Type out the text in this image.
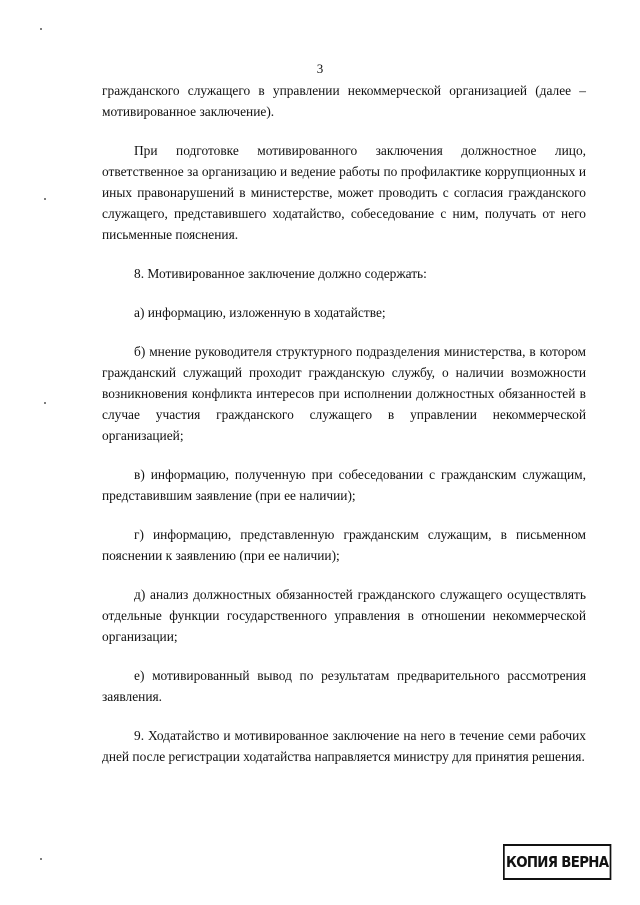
3

гражданского служащего в управлении некоммерческой организацией (далее – мотивированное заключение).

При подготовке мотивированного заключения должностное лицо, ответственное за организацию и ведение работы по профилактике коррупционных и иных правонарушений в министерстве, может проводить с согласия гражданского служащего, представившего ходатайство, собеседование с ним, получать от него письменные пояснения.

8. Мотивированное заключение должно содержать:

а) информацию, изложенную в ходатайстве;

б) мнение руководителя структурного подразделения министерства, в котором гражданский служащий проходит гражданскую службу, о наличии возможности возникновения конфликта интересов при исполнении должностных обязанностей в случае участия гражданского служащего в управлении некоммерческой организацией;

в) информацию, полученную при собеседовании с гражданским служащим, представившим заявление (при ее наличии);

г) информацию, представленную гражданским служащим, в письменном пояснении к заявлению (при ее наличии);

д) анализ должностных обязанностей гражданского служащего осуществлять отдельные функции государственного управления в отношении некоммерческой организации;

е) мотивированный вывод по результатам предварительного рассмотрения заявления.

9. Ходатайство и мотивированное заключение на него в течение семи рабочих дней после регистрации ходатайства направляется министру для принятия решения.

КОПИЯ ВЕРНА
